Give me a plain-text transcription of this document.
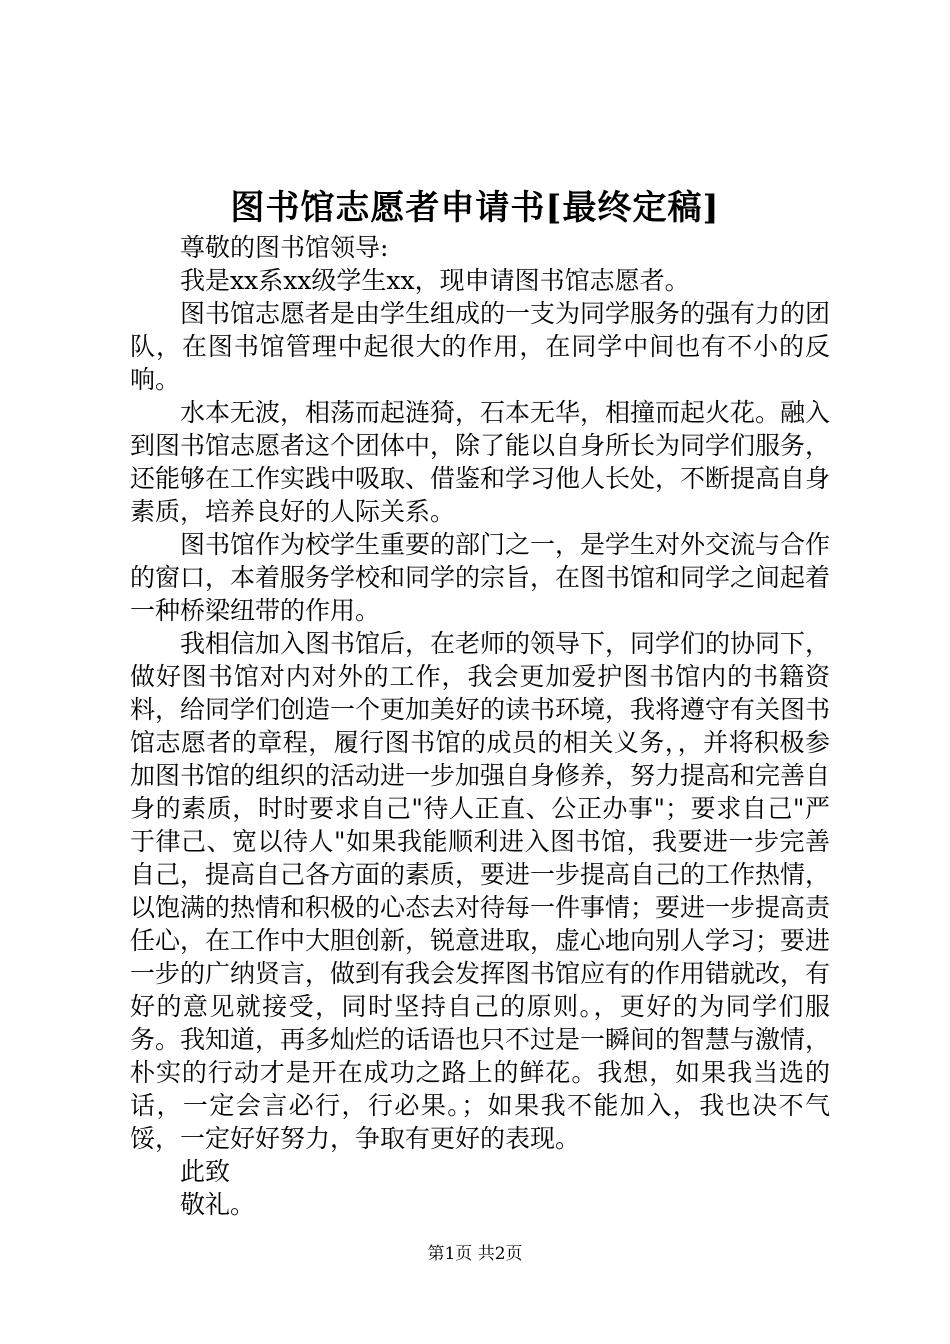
图书馆志愿者申请书[最终定稿]

尊敬的图书馆领导:

我是xx系xx级学生xx，现申请图书馆志愿者。

图书馆志愿者是由学生组成的一支为同学服务的强有力的团队，在图书馆管理中起很大的作用，在同学中间也有不小的反响。

水本无波，相荡而起涟猗，石本无华，相撞而起火花。融入到图书馆志愿者这个团体中，除了能以自身所长为同学们服务，还能够在工作实践中吸取、借鉴和学习他人长处，不断提高自身素质，培养良好的人际关系。

图书馆作为校学生重要的部门之一，是学生对外交流与合作的窗口，本着服务学校和同学的宗旨，在图书馆和同学之间起着一种桥梁纽带的作用。

我相信加入图书馆后，在老师的领导下，同学们的协同下，做好图书馆对内对外的工作，我会更加爱护图书馆内的书籍资料，给同学们创造一个更加美好的读书环境，我将遵守有关图书馆志愿者的章程，履行图书馆的成员的相关义务，，并将积极参加图书馆的组织的活动进一步加强自身修养，努力提高和完善自身的素质，时时要求自己"待人正直、公正办事"；要求自己"严于律己、宽以待人"如果我能顺利进入图书馆，我要进一步完善自己，提高自己各方面的素质，要进一步提高自己的工作热情，以饱满的热情和积极的心态去对待每一件事情；要进一步提高责任心，在工作中大胆创新，锐意进取，虚心地向别人学习；要进一步的广纳贤言，做到有我会发挥图书馆应有的作用错就改，有好的意见就接受，同时坚持自己的原则。，更好的为同学们服务。我知道，再多灿烂的话语也只不过是一瞬间的智慧与激情，朴实的行动才是开在成功之路上的鲜花。我想，如果我当选的话，一定会言必行，行必果。；如果我不能加入，我也决不气馁，一定好好努力，争取有更好的表现。

此致

敬礼。

第1页 共2页
